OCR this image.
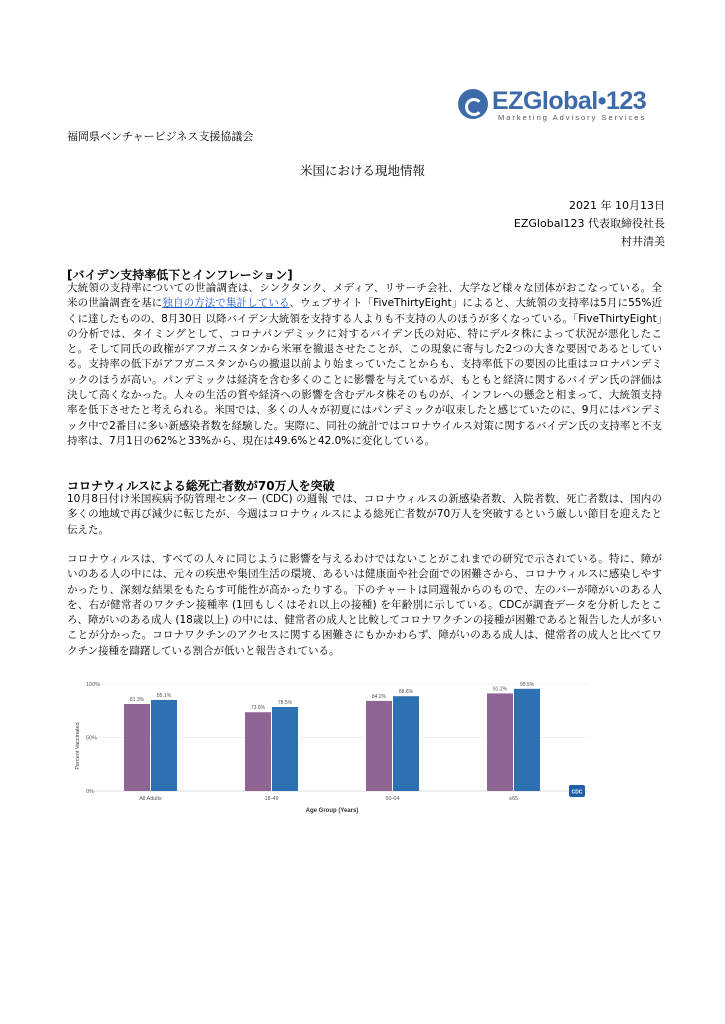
EZGlobal•123
Marketing Advisory Services
福岡県ベンチャービジネス支援協議会
米国における現地情報
2021 年 10月13日
EZGlobal123 代表取締役社長
村井清美
[バイデン支持率低下とインフレーション]

大統領の支持率についての世論調査は、シンクタンク、メディア、リサーチ会社、大学など様々な団体がおこなっている。全米の世論調査を基に独自の方法で集計している、ウェブサイト「FiveThirtyEight」によると、大統領の支持率は5月に55%近くに達したものの、8月30日 以降バイデン大統領を支持する人よりも不支持の人のほうが多くなっている。「FiveThirtyEight」の分析では、タイミングとして、コロナパンデミックに対するバイデン氏の対応、特にデルタ株によって状況が悪化したこと。そして同氏の政権がアフガニスタンから米軍を撤退させたことが、この現象に寄与した2つの大きな要因であるとしている。支持率の低下がアフガニスタンからの撤退以前より始まっていたことからも、支持率低下の要因の比重はコロナパンデミックのほうが高い。パンデミックは経済を含む多くのことに影響を与えているが、もともと経済に関するバイデン氏の評価は決して高くなかった。人々の生活の質や経済への影響を含むデルタ株そのものが、インフレへの懸念と相まって、大統領支持率を低下させたと考えられる。米国では、多くの人々が初夏にはパンデミックが収束したと感じていたのに、9月にはパンデミック中で2番目に多い新感染者数を経験した。実際に、同社の統計ではコロナウイルス対策に関するバイデン氏の支持率と不支持率は、7月1日の62%と33%から、現在は49.6%と42.0%に変化している。

コロナウィルスによる総死亡者数が70万人を突破

10月8日付け米国疾病予防管理センター (CDC) の週報 では、コロナウィルスの新感染者数、入院者数、死亡者数は、国内の多くの地域で再び減少に転じたが、今週はコロナウィルスによる総死亡者数が70万人を突破するという厳しい節目を迎えたと伝えた。

コロナウィルスは、すべての人々に同じように影響を与えるわけではないことがこれまでの研究で示されている。特に、障がいのある人の中には、元々の疾患や集団生活の環境、あるいは健康面や社会面での困難さから、コロナウィルスに感染しやすかったり、深刻な結果をもたらす可能性が高かったりする。下のチャートは同週報からのもので、左のバーが障がいのある人を、右が健常者のワクチン接種率 (1回もしくはそれ以上の接種) を年齢別に示している。CDCが調査データを分析したところ、障がいのある成人 (18歳以上) の中には、健常者の成人と比較してコロナワクチンの接種が困難であると報告した人が多いことが分かった。コロナワクチンのアクセスに関する困難さにもかかわらず、障がいのある成人は、健常者の成人と比べてワクチン接種を躊躇している割合が低いと報告されている。

0%
50%
100%
81.3%
85.1%
All Adults
73.6%
78.5%
18-49
84.2%
88.6%
50-64
91.2%
95.5%
≥65
Percent Vaccinated
Age Group (Years)
CDC
